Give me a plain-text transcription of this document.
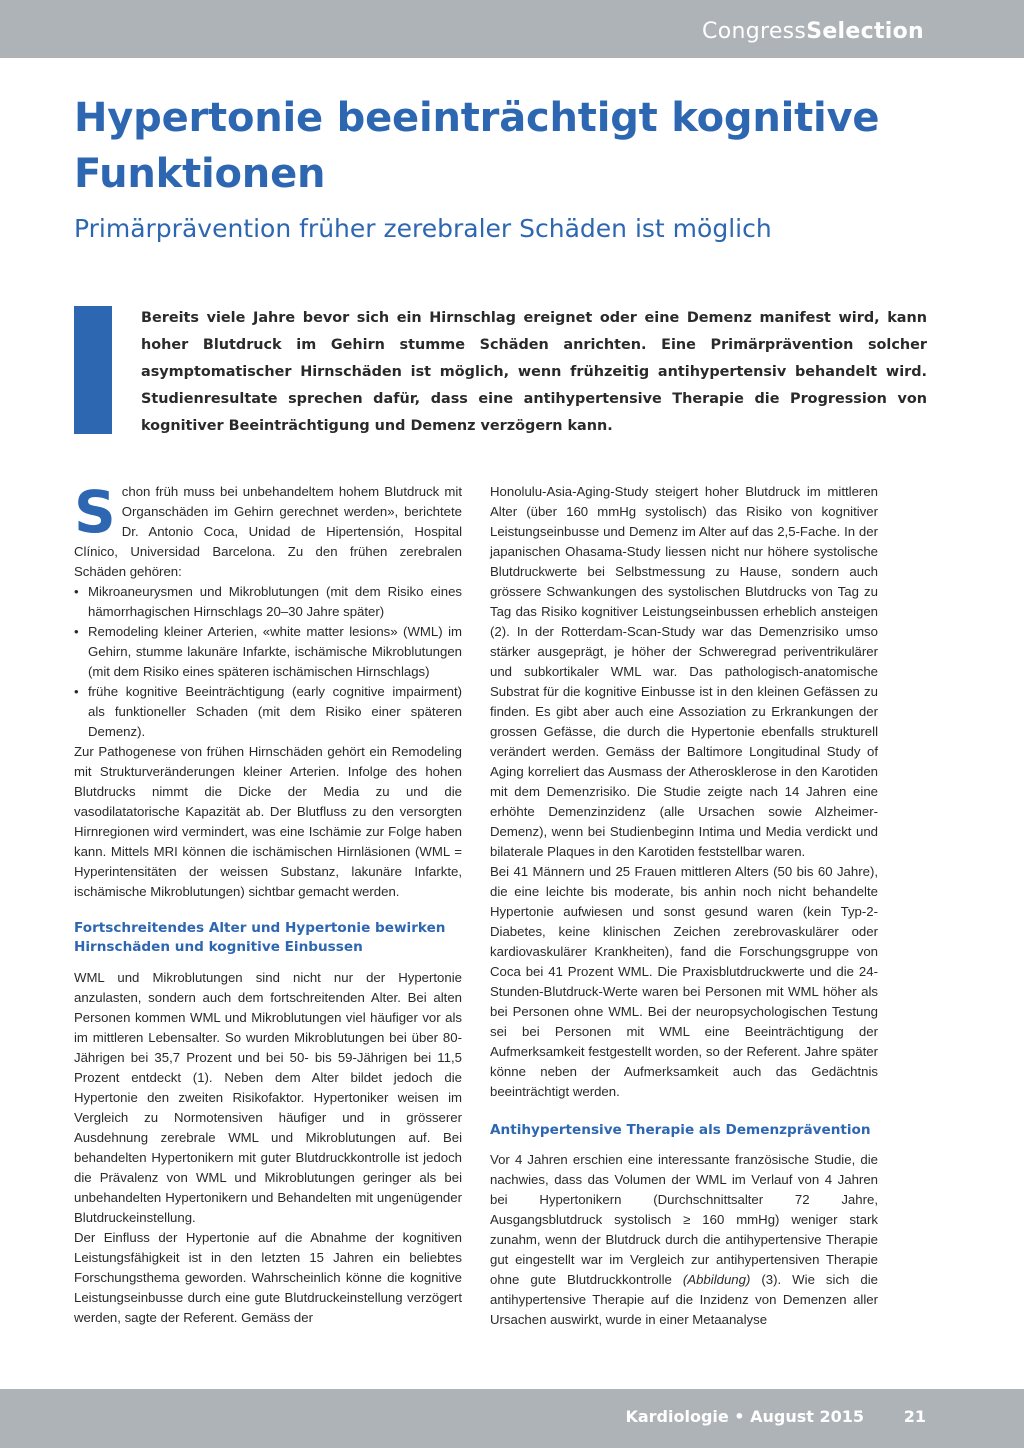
CongressSelection
Hypertonie beeinträchtigt kognitive Funktionen
Primärprävention früher zerebraler Schäden ist möglich
Bereits viele Jahre bevor sich ein Hirnschlag ereignet oder eine Demenz manifest wird, kann hoher Blutdruck im Gehirn stumme Schäden anrichten. Eine Primärprävention solcher asymptomatischer Hirnschäden ist möglich, wenn frühzeitig antihypertensiv behandelt wird. Studienresultate sprechen dafür, dass eine antihypertensive Therapie die Progression von kognitiver Beeinträchtigung und Demenz verzögern kann.

Schon früh muss bei unbehandeltem hohem Blutdruck mit Organschäden im Gehirn gerechnet werden», berichtete Dr. Antonio Coca, Unidad de Hipertensión, Hospital Clínico, Universidad Barcelona. Zu den frühen zerebralen Schäden gehören:

• Mikroaneurysmen und Mikroblutungen (mit dem Risiko eines hämorrhagischen Hirnschlags 20–30 Jahre später)
• Remodeling kleiner Arterien, «white matter lesions» (WML) im Gehirn, stumme lakunäre Infarkte, ischämische Mikroblutungen (mit dem Risiko eines späteren ischämischen Hirnschlags)
• frühe kognitive Beeinträchtigung (early cognitive impairment) als funktioneller Schaden (mit dem Risiko einer späteren Demenz).

Zur Pathogenese von frühen Hirnschäden gehört ein Remodeling mit Strukturveränderungen kleiner Arterien. Infolge des hohen Blutdrucks nimmt die Dicke der Media zu und die vasodilatatorische Kapazität ab. Der Blutfluss zu den versorgten Hirnregionen wird vermindert, was eine Ischämie zur Folge haben kann. Mittels MRI können die ischämischen Hirnläsionen (WML = Hyperintensitäten der weissen Substanz, lakunäre Infarkte, ischämische Mikroblutungen) sichtbar gemacht werden.

Fortschreitendes Alter und Hypertonie bewirken Hirnschäden und kognitive Einbussen

WML und Mikroblutungen sind nicht nur der Hypertonie anzulasten, sondern auch dem fortschreitenden Alter. Bei alten Personen kommen WML und Mikroblutungen viel häufiger vor als im mittleren Lebensalter. So wurden Mikroblutungen bei über 80-Jährigen bei 35,7 Prozent und bei 50- bis 59-Jährigen bei 11,5 Prozent entdeckt (1). Neben dem Alter bildet jedoch die Hypertonie den zweiten Risikofaktor. Hypertoniker weisen im Vergleich zu Normotensiven häufiger und in grösserer Ausdehnung zerebrale WML und Mikroblutungen auf. Bei behandelten Hypertonikern mit guter Blutdruckkontrolle ist jedoch die Prävalenz von WML und Mikroblutungen geringer als bei unbehandelten Hypertonikern und Behandelten mit ungenügender Blutdruckeinstellung.

Der Einfluss der Hypertonie auf die Abnahme der kognitiven Leistungsfähigkeit ist in den letzten 15 Jahren ein beliebtes Forschungsthema geworden. Wahrscheinlich könne die kognitive Leistungseinbusse durch eine gute Blutdruckeinstellung verzögert werden, sagte der Referent. Gemäss der

Honolulu-Asia-Aging-Study steigert hoher Blutdruck im mittleren Alter (über 160 mmHg systolisch) das Risiko von kognitiver Leistungseinbusse und Demenz im Alter auf das 2,5-Fache. In der japanischen Ohasama-Study liessen nicht nur höhere systolische Blutdruckwerte bei Selbstmessung zu Hause, sondern auch grössere Schwankungen des systolischen Blutdrucks von Tag zu Tag das Risiko kognitiver Leistungseinbussen erheblich ansteigen (2). In der Rotterdam-Scan-Study war das Demenzrisiko umso stärker ausgeprägt, je höher der Schweregrad periventrikulärer und subkortikaler WML war. Das pathologisch-anatomische Substrat für die kognitive Einbusse ist in den kleinen Gefässen zu finden. Es gibt aber auch eine Assoziation zu Erkrankungen der grossen Gefässe, die durch die Hypertonie ebenfalls strukturell verändert werden. Gemäss der Baltimore Longitudinal Study of Aging korreliert das Ausmass der Atherosklerose in den Karotiden mit dem Demenzrisiko. Die Studie zeigte nach 14 Jahren eine erhöhte Demenzinzidenz (alle Ursachen sowie Alzheimer-Demenz), wenn bei Studienbeginn Intima und Media verdickt und bilaterale Plaques in den Karotiden feststellbar waren.

Bei 41 Männern und 25 Frauen mittleren Alters (50 bis 60 Jahre), die eine leichte bis moderate, bis anhin noch nicht behandelte Hypertonie aufwiesen und sonst gesund waren (kein Typ-2-Diabetes, keine klinischen Zeichen zerebrovaskulärer oder kardiovaskulärer Krankheiten), fand die Forschungsgruppe von Coca bei 41 Prozent WML. Die Praxisblutdruckwerte und die 24-Stunden-Blutdruck-Werte waren bei Personen mit WML höher als bei Personen ohne WML. Bei der neuropsychologischen Testung sei bei Personen mit WML eine Beeinträchtigung der Aufmerksamkeit festgestellt worden, so der Referent. Jahre später könne neben der Aufmerksamkeit auch das Gedächtnis beeinträchtigt werden.

Antihypertensive Therapie als Demenzprävention

Vor 4 Jahren erschien eine interessante französische Studie, die nachwies, dass das Volumen der WML im Verlauf von 4 Jahren bei Hypertonikern (Durchschnittsalter 72 Jahre, Ausgangsblutdruck systolisch ≥ 160 mmHg) weniger stark zunahm, wenn der Blutdruck durch die antihypertensive Therapie gut eingestellt war im Vergleich zur antihypertensiven Therapie ohne gute Blutdruckkontrolle (Abbildung) (3). Wie sich die antihypertensive Therapie auf die Inzidenz von Demenzen aller Ursachen auswirkt, wurde in einer Metaanalyse

Kardiologie • August 2015 21
